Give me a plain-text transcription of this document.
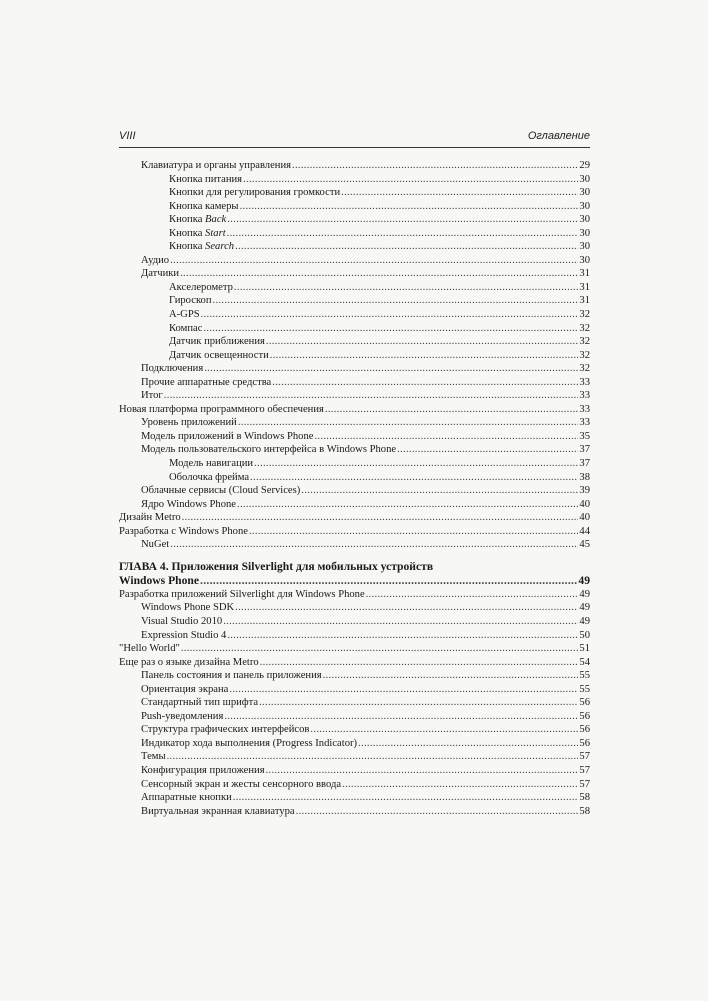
VIII	Оглавление
Клавиатура и органы управления .....	29
Кнопка питания .....	30
Кнопки для регулирования громкости .....	30
Кнопка камеры .....	30
Кнопка Back .....	30
Кнопка Start .....	30
Кнопка Search .....	30
Аудио .....	30
Датчики .....	31
Акселерометр .....	31
Гироскоп .....	31
A-GPS .....	32
Компас .....	32
Датчик приближения .....	32
Датчик освещенности .....	32
Подключения .....	32
Прочие аппаратные средства .....	33
Итог .....	33
Новая платформа программного обеспечения .....	33
Уровень приложений .....	33
Модель приложений в Windows Phone .....	35
Модель пользовательского интерфейса в Windows Phone .....	37
Модель навигации .....	37
Оболочка фрейма .....	38
Облачные сервисы (Cloud Services) .....	39
Ядро Windows Phone .....	40
Дизайн Metro .....	40
Разработка с Windows Phone .....	44
NuGet .....	45
ГЛАВА 4. Приложения Silverlight для мобильных устройств
Windows Phone .....	49
Разработка приложений Silverlight для Windows Phone .....	49
Windows Phone SDK .....	49
Visual Studio 2010 .....	49
Expression Studio 4 .....	50
"Hello World" .....	51
Еще раз о языке дизайна Metro .....	54
Панель состояния и панель приложения .....	55
Ориентация экрана .....	55
Стандартный тип шрифта .....	56
Push-уведомления .....	56
Структура графических интерфейсов .....	56
Индикатор хода выполнения (Progress Indicator) .....	56
Темы .....	57
Конфигурация приложения .....	57
Сенсорный экран и жесты сенсорного ввода .....	57
Аппаратные кнопки .....	58
Виртуальная экранная клавиатура .....	58
